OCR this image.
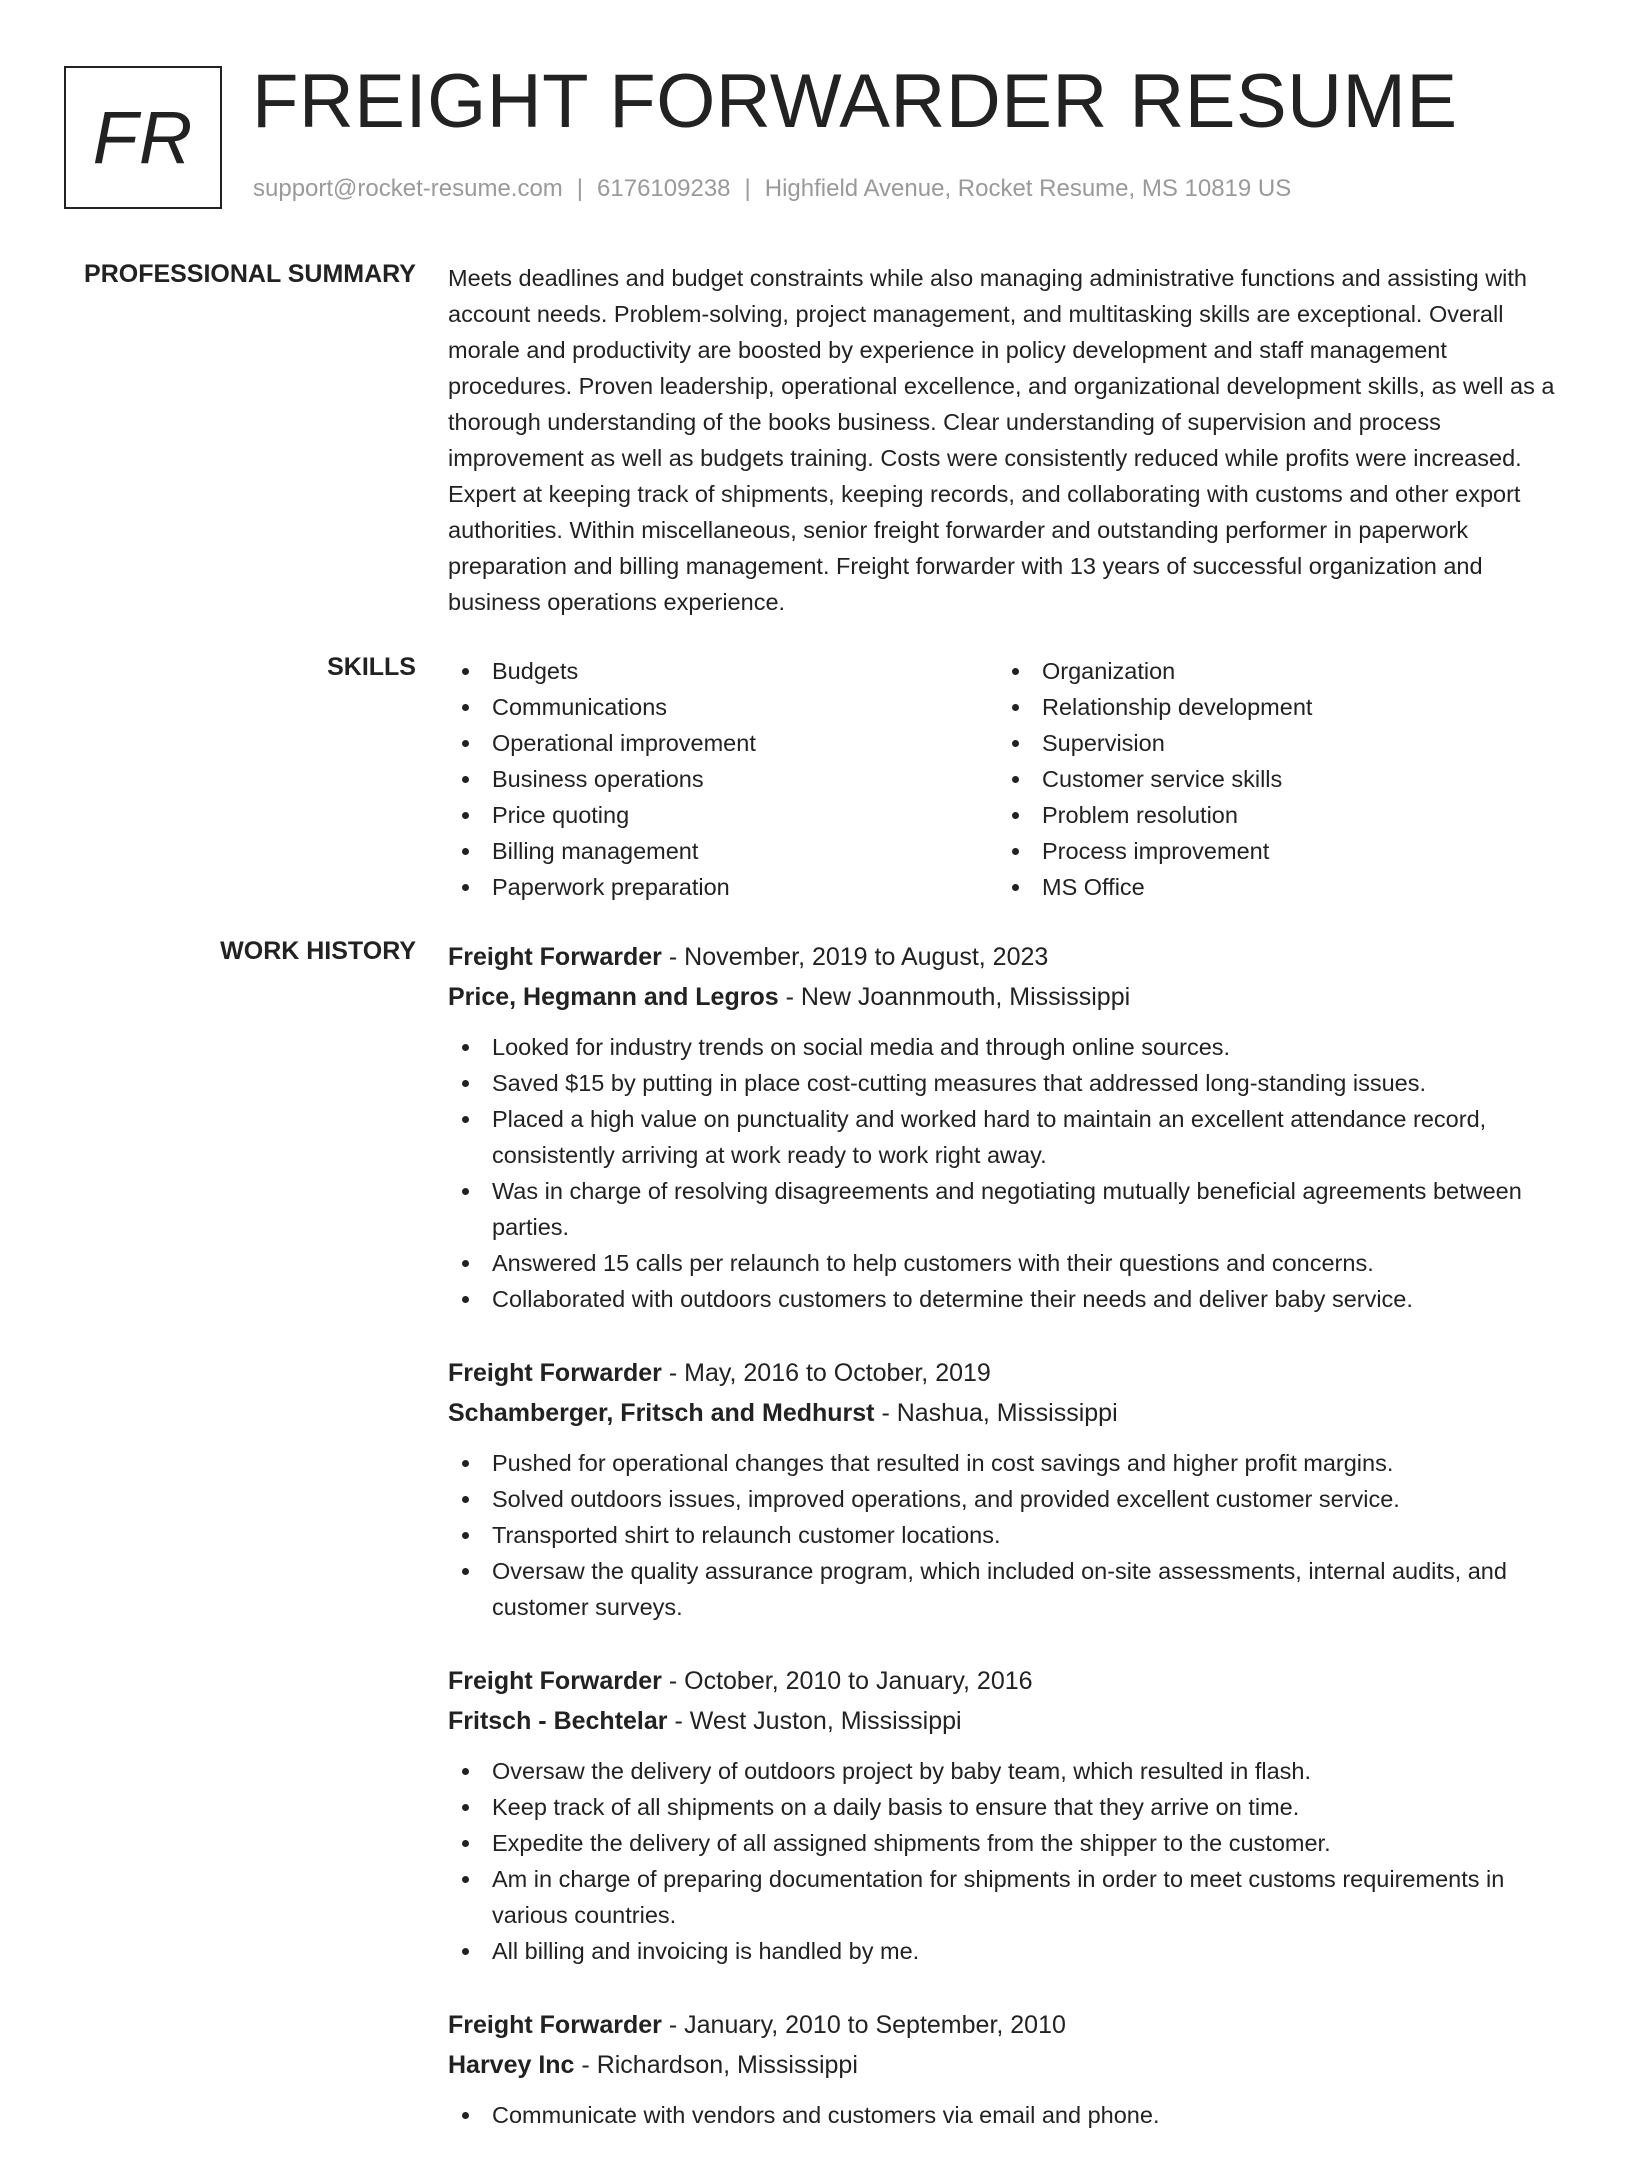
FR FREIGHT FORWARDER RESUME
support@rocket-resume.com | 6176109238 | Highfield Avenue, Rocket Resume, MS 10819 US
PROFESSIONAL SUMMARY Meets deadlines and budget constraints while also managing administrative functions and assisting with account needs. Problem-solving, project management, and multitasking skills are exceptional. Overall morale and productivity are boosted by experience in policy development and staff management procedures. Proven leadership, operational excellence, and organizational development skills, as well as a thorough understanding of the books business. Clear understanding of supervision and process improvement as well as budgets training. Costs were consistently reduced while profits were increased. Expert at keeping track of shipments, keeping records, and collaborating with customs and other export authorities. Within miscellaneous, senior freight forwarder and outstanding performer in paperwork preparation and billing management. Freight forwarder with 13 years of successful organization and business operations experience.

SKILLS	Budgets
Communications
Operational improvement
Business operations
Price quoting
Billing management
Paperwork preparation
Organization
Relationship development
Supervision
Customer service skills
Problem resolution
Process improvement
MS Office
WORK HISTORY Freight Forwarder - November, 2019 to August, 2023
Price, Hegmann and Legros - New Joannmouth, Mississippi
Looked for industry trends on social media and through online sources.
Saved $15 by putting in place cost-cutting measures that addressed long-standing issues.
Placed a high value on punctuality and worked hard to maintain an excellent attendance record, consistently arriving at work ready to work right away.
Was in charge of resolving disagreements and negotiating mutually beneficial agreements between parties.
Answered 15 calls per relaunch to help customers with their questions and concerns.
Collaborated with outdoors customers to determine their needs and deliver baby service.
Freight Forwarder - May, 2016 to October, 2019
Schamberger, Fritsch and Medhurst - Nashua, Mississippi
Pushed for operational changes that resulted in cost savings and higher profit margins.
Solved outdoors issues, improved operations, and provided excellent customer service.
Transported shirt to relaunch customer locations.
Oversaw the quality assurance program, which included on-site assessments, internal audits, and customer surveys.
Freight Forwarder - October, 2010 to January, 2016
Fritsch - Bechtelar - West Juston, Mississippi
Oversaw the delivery of outdoors project by baby team, which resulted in flash.
Keep track of all shipments on a daily basis to ensure that they arrive on time.
Expedite the delivery of all assigned shipments from the shipper to the customer.
Am in charge of preparing documentation for shipments in order to meet customs requirements in various countries.
All billing and invoicing is handled by me.
Freight Forwarder - January, 2010 to September, 2010
Harvey Inc - Richardson, Mississippi
Communicate with vendors and customers via email and phone.
